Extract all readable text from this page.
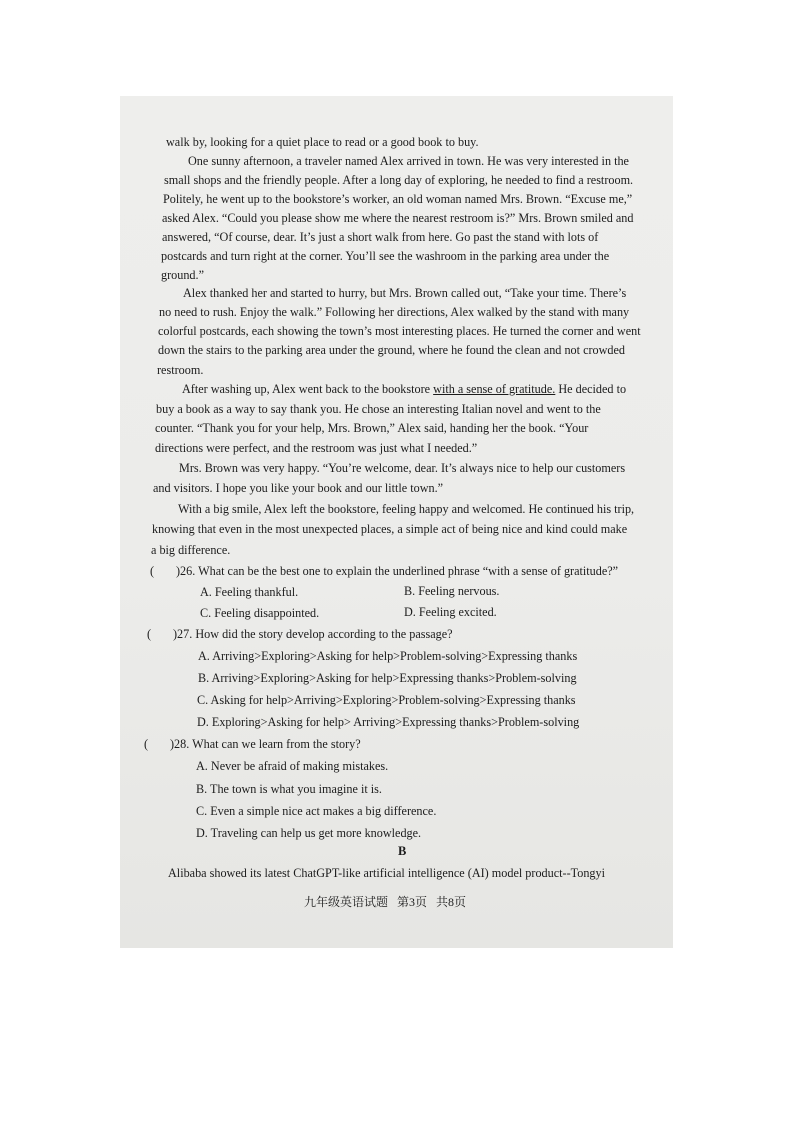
walk by, looking for a quiet place to read or a good book to buy.
One sunny afternoon, a traveler named Alex arrived in town. He was very interested in the
small shops and the friendly people. After a long day of exploring, he needed to find a restroom.
Politely, he went up to the bookstore’s worker, an old woman named Mrs. Brown. “Excuse me,”
asked Alex. “Could you please show me where the nearest restroom is?” Mrs. Brown smiled and
answered, “Of course, dear. It’s just a short walk from here. Go past the stand with lots of
postcards and turn right at the corner. You’ll see the washroom in the parking area under the
ground.”
Alex thanked her and started to hurry, but Mrs. Brown called out, “Take your time. There’s
no need to rush. Enjoy the walk.” Following her directions, Alex walked by the stand with many
colorful postcards, each showing the town’s most interesting places. He turned the corner and went
down the stairs to the parking area under the ground, where he found the clean and not crowded
restroom.
After washing up, Alex went back to the bookstore with a sense of gratitude. He decided to
buy a book as a way to say thank you. He chose an interesting Italian novel and went to the
counter. “Thank you for your help, Mrs. Brown,” Alex said, handing her the book. “Your
directions were perfect, and the restroom was just what I needed.”
Mrs. Brown was very happy. “You’re welcome, dear. It’s always nice to help our customers
and visitors. I hope you like your book and our little town.”
With a big smile, Alex left the bookstore, feeling happy and welcomed. He continued his trip,
knowing that even in the most unexpected places, a simple act of being nice and kind could make
a big difference.
( )26. What can be the best one to explain the underlined phrase “with a sense of gratitude?”
A. Feeling thankful.	B. Feeling nervous.
C. Feeling disappointed.	D. Feeling excited.
( )27. How did the story develop according to the passage?
A. Arriving>Exploring>Asking for help>Problem-solving>Expressing thanks
B. Arriving>Exploring>Asking for help>Expressing thanks>Problem-solving
C. Asking for help>Arriving>Exploring>Problem-solving>Expressing thanks
D. Exploring>Asking for help> Arriving>Expressing thanks>Problem-solving
( )28. What can we learn from the story?
A. Never be afraid of making mistakes.
B. The town is what you imagine it is.
C. Even a simple nice act makes a big difference.
D. Traveling can help us get more knowledge.
B
Alibaba showed its latest ChatGPT-like artificial intelligence (AI) model product--Tongyi
九年级英语试题 第3页 共8页
